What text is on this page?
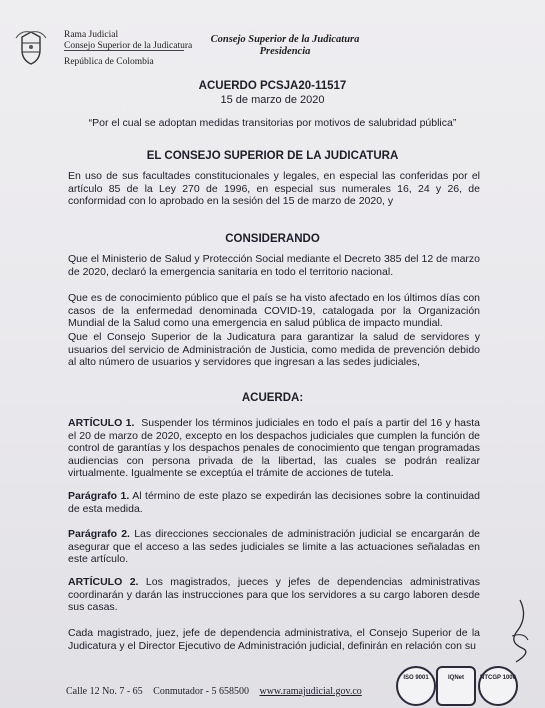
Rama Judicial
Consejo Superior de la Judicatura
República de Colombia
Consejo Superior de la Judicatura
Presidencia
ACUERDO PCSJA20-11517
15 de marzo de 2020
“Por el cual se adoptan medidas transitorias por motivos de salubridad pública”
EL CONSEJO SUPERIOR DE LA JUDICATURA

En uso de sus facultades constitucionales y legales, en especial las conferidas por el artículo 85 de la Ley 270 de 1996, en especial sus numerales 16, 24 y 26, de conformidad con lo aprobado en la sesión del 15 de marzo de 2020, y

CONSIDERANDO

Que el Ministerio de Salud y Protección Social mediante el Decreto 385 del 12 de marzo de 2020, declaró la emergencia sanitaria en todo el territorio nacional.

Que es de conocimiento público que el país se ha visto afectado en los últimos días con casos de la enfermedad denominada COVID-19, catalogada por la Organización Mundial de la Salud como una emergencia en salud pública de impacto mundial.

Que el Consejo Superior de la Judicatura para garantizar la salud de servidores y usuarios del servicio de Administración de Justicia, como medida de prevención debido al alto número de usuarios y servidores que ingresan a las sedes judiciales,

ACUERDA:

ARTÍCULO 1. Suspender los términos judiciales en todo el país a partir del 16 y hasta el 20 de marzo de 2020, excepto en los despachos judiciales que cumplen la función de control de garantías y los despachos penales de conocimiento que tengan programadas audiencias con persona privada de la libertad, las cuales se podrán realizar virtualmente. Igualmente se exceptúa el trámite de acciones de tutela.

Parágrafo 1. Al término de este plazo se expedirán las decisiones sobre la continuidad de esta medida.

Parágrafo 2. Las direcciones seccionales de administración judicial se encargarán de asegurar que el acceso a las sedes judiciales se limite a las actuaciones señaladas en este artículo.

ARTÍCULO 2. Los magistrados, jueces y jefes de dependencias administrativas coordinarán y darán las instrucciones para que los servidores a su cargo laboren desde sus casas.

Cada magistrado, juez, jefe de dependencia administrativa, el Consejo Superior de la Judicatura y el Director Ejecutivo de Administración judicial, definirán en relación con su

Calle 12 No. 7 - 65 Conmutador - 5 658500 www.ramajudicial.gov.co
ISO 9001	IQNet	NTCGP 1000
